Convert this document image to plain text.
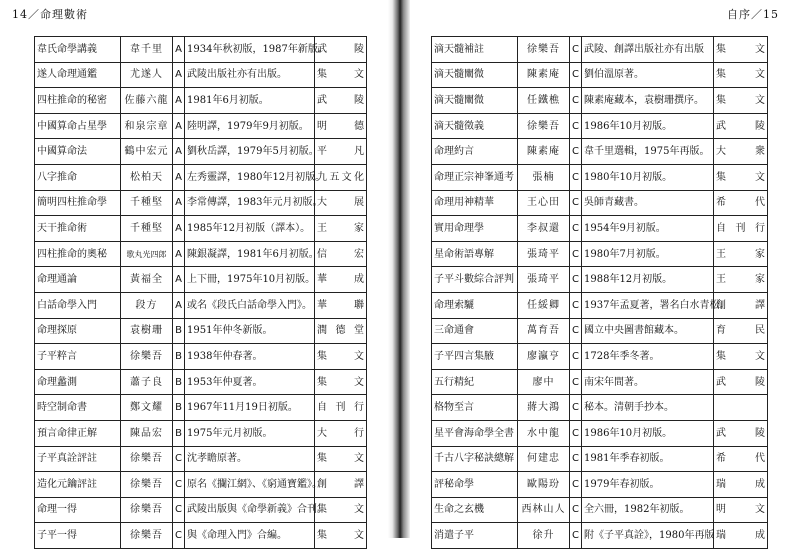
14／命理數術
韋氏命學講義	韋千里	A	1934年秋初版，1987年新版。	武陵
遂人命理通鑑	尤遂人	A	武陵出版社亦有出版。	集文
四柱推命的秘密	佐藤六龍	A	1981年6月初版。	武陵
中國算命占星學	和泉宗章	A	陸明譯，1979年9月初版。	明德
中國算命法	鶴中宏元	A	劉秋岳譯，1979年5月初版。	平凡
八字推命	松柏天	A	左秀靈譯，1980年12月初版。	九五文化
簡明四柱推命學	千種堅	A	李常傳譯，1983年元月初版。	大展
天干推命術	千種堅	A	1985年12月初版（譯本）。	王家
四柱推命的奧秘	歌丸光四郎	A	陳銀凝譯，1981年6月初版。	信宏
命理通論	黃福全	A	上下冊，1975年10月初版。	華成
白話命學入門	段方	A	或名《段氏白話命學入門》。	華聯
命理探原	袁樹珊	B	1951年仲冬新版。	潤德堂
子平粹言	徐樂吾	B	1938年仲春著。	集文
命理蠡測	蕭子良	B	1953年仲夏著。	集文
時空制命書	鄭文耀	B	1967年11月19日初版。	自刊行
預言命律正解	陳品宏	B	1975年元月初版。	大行
子平真詮評註	徐樂吾	C	沈孝瞻原著。	集文
造化元鑰評註	徐樂吾	C	原名《攔江網》、《窮通寶鑑》。	創譯
命理一得	徐樂吾	C	武陵出版與《命學新義》合刊。	集文
子平一得	徐樂吾	C	與《命理入門》合編。	集文
自序／15
滴天髓補註	徐樂吾	C	武陵、創譯出版社亦有出版	集文
滴天髓闡微	陳素庵	C	劉伯溫原著。	集文
滴天髓闡微	任鐵樵	C	陳素庵藏本，袁樹珊撰序。	集文
滴天髓徵義	徐樂吾	C	1986年10月初版。	武陵
命理約言	陳素庵	C	韋千里選輯，1975年再版。	大衆
命理正宗神峯通考	張楠	C	1980年10月初版。	集文
命理用神精華	王心田	C	吳師青藏書。	希代
實用命理學	李叔還	C	1954年9月初版。	自刊行
星命術語專解	張琦平	C	1980年7月初版。	王家
子平斗數綜合評判	張琦平	C	1988年12月初版。	王家
命理索驪	任綏卿	C	1937年孟夏著，署名白水青松。	創譯
三命通會	萬育吾	C	國立中央圖書館藏本。	育民
子平四言集腋	廖瀛亨	C	1728年季冬著。	集文
五行精紀	廖中	C	南宋年間著。	武陵
格物至言	蔣大鴻	C	秘本。清朝手抄本。	
星平會海命學全書	水中龍	C	1986年10月初版。	武陵
千古八字秘訣總解	何建忠	C	1981年季春初版。	希代
評秘命學	歐陽玢	C	1979年春初版。	瑞成
生命之玄機	西林山人	C	全六冊，1982年初版。	明文
消遣子平	徐升	C	附《子平真詮》，1980年再版	瑞成
